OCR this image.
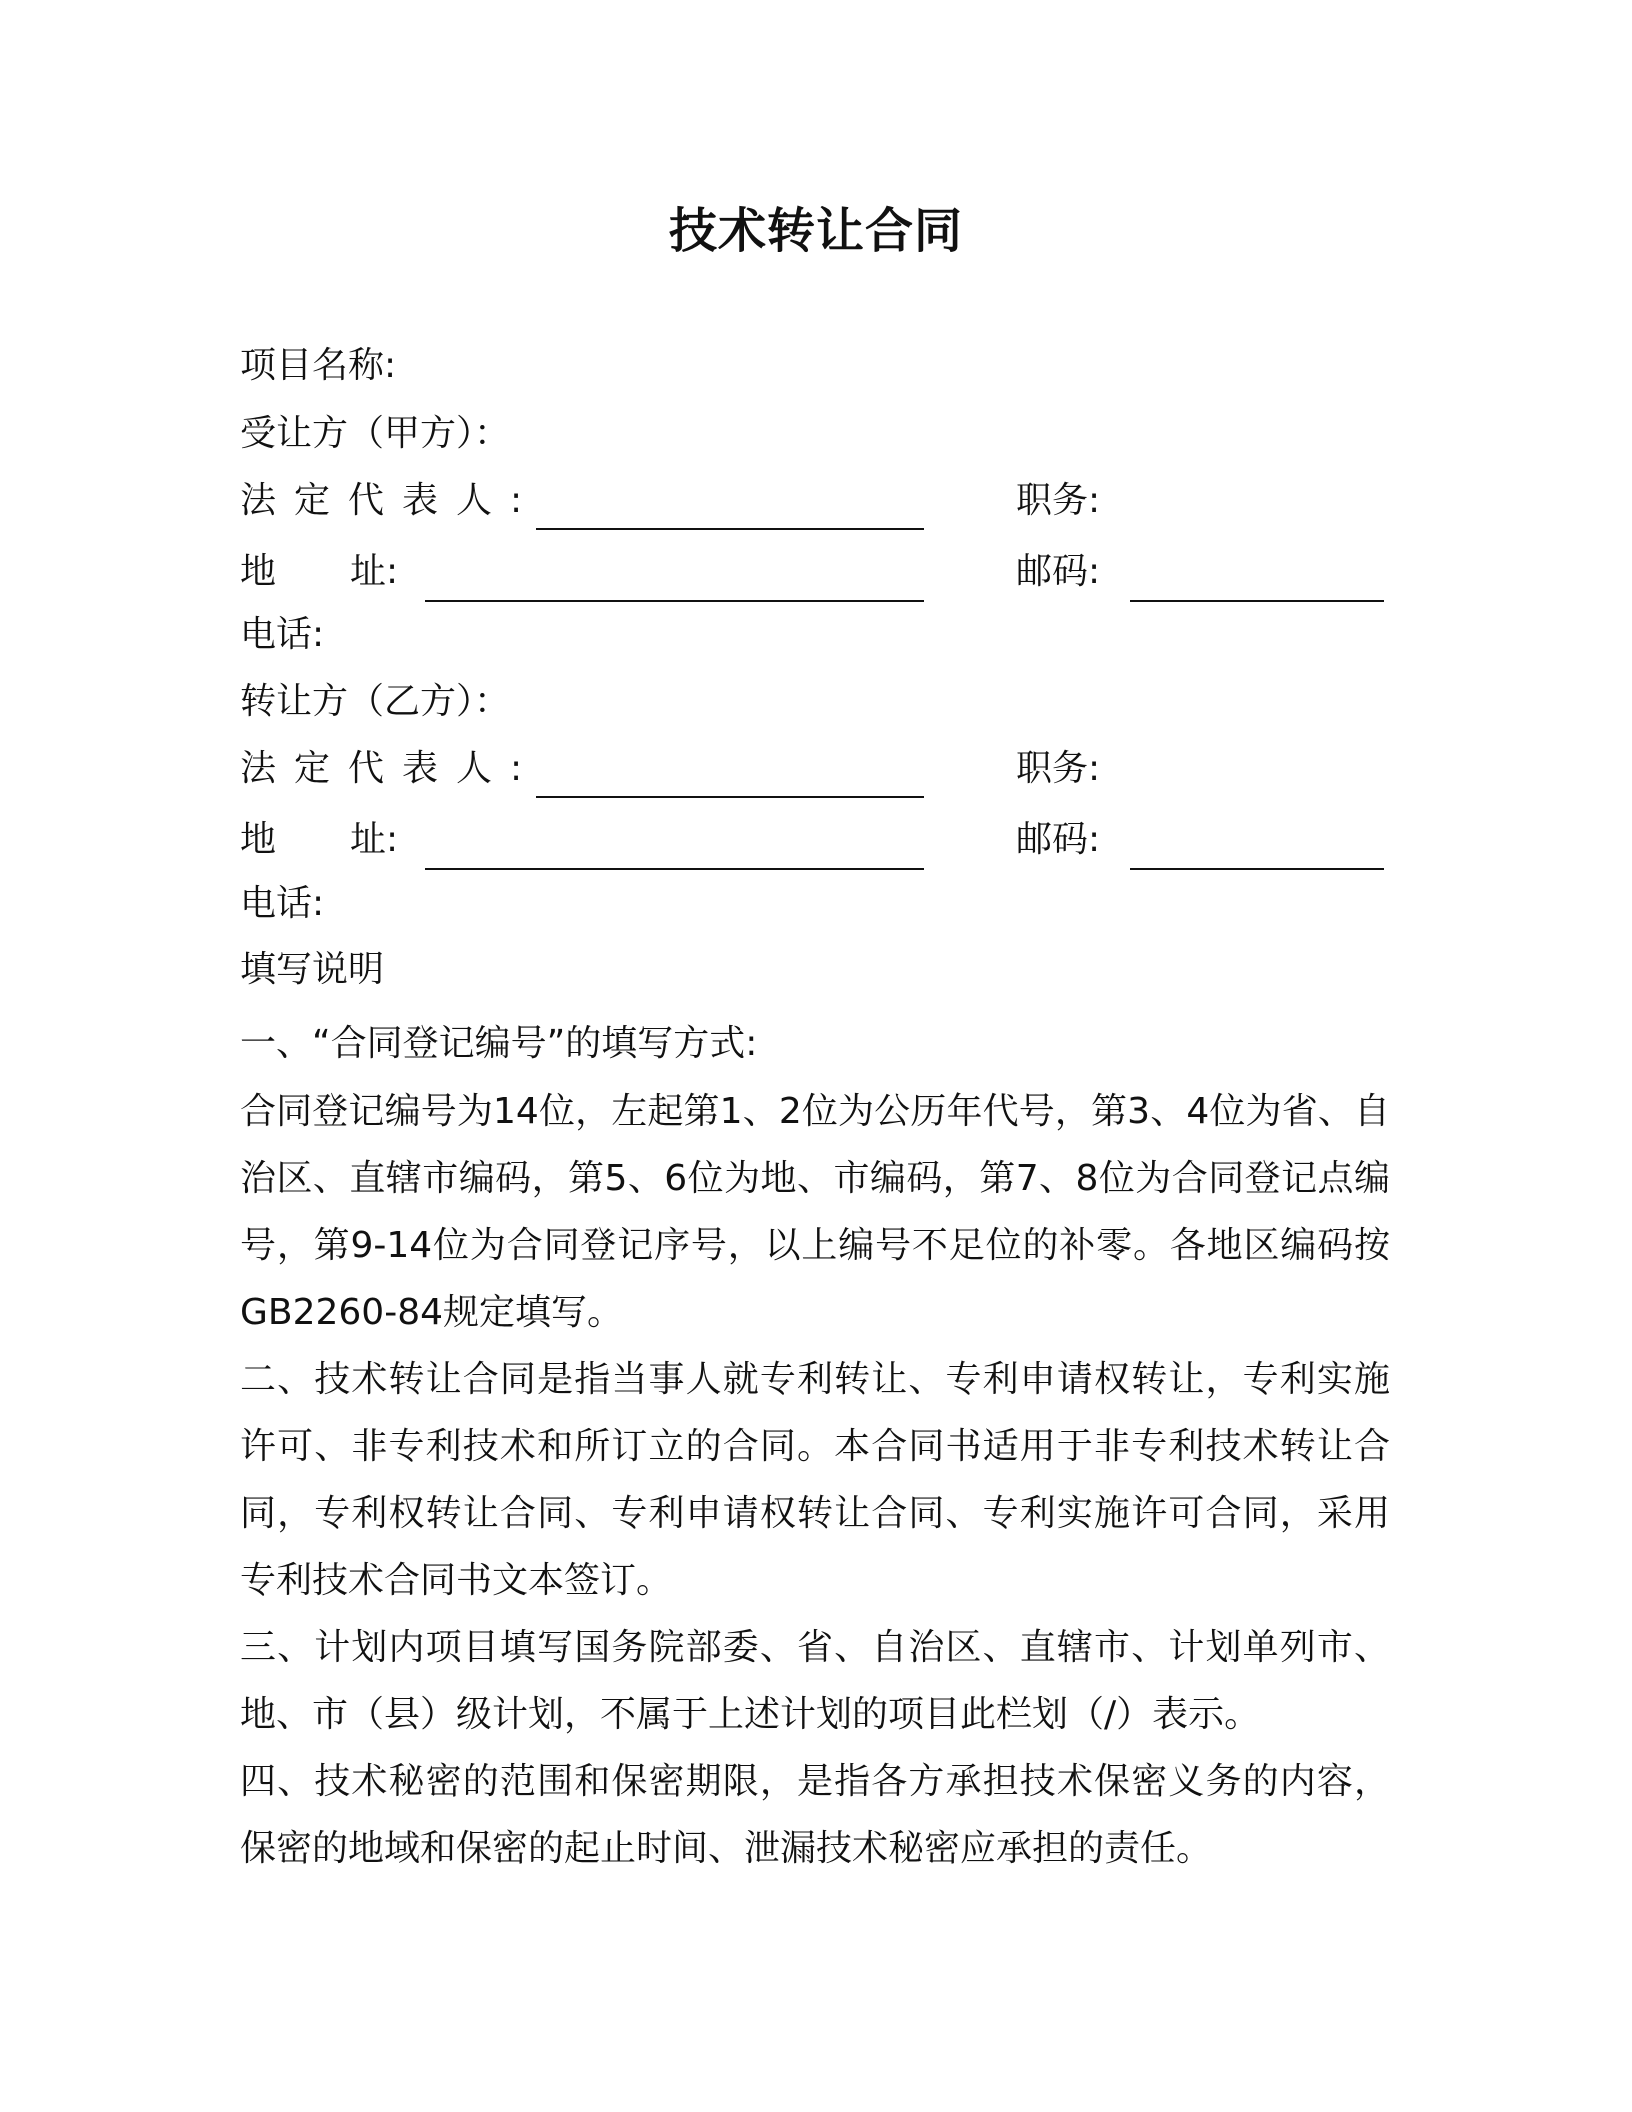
技术转让合同
项目名称:
受让方（甲方）：
法定代表人:	职务:
地 址:	邮码:
电话:
转让方（乙方）：
法定代表人:	职务:
地 址:	邮码:
电话:
填写说明
一、“合同登记编号”的填写方式:
合同登记编号为14位，左起第1、2位为公历年代号，第3、4位为省、自治区、直辖市编码，第5、6位为地、市编码，第7、8位为合同登记点编号，第9-14位为合同登记序号，以上编号不足位的补零。各地区编码按GB2260-84规定填写。
二、技术转让合同是指当事人就专利转让、专利申请权转让，专利实施许可、非专利技术和所订立的合同。本合同书适用于非专利技术转让合同，专利权转让合同、专利申请权转让合同、专利实施许可合同，采用专利技术合同书文本签订。
三、计划内项目填写国务院部委、省、自治区、直辖市、计划单列市、地、市（县）级计划，不属于上述计划的项目此栏划（/）表示。
四、技术秘密的范围和保密期限，是指各方承担技术保密义务的内容，保密的地域和保密的起止时间、泄漏技术秘密应承担的责任。
